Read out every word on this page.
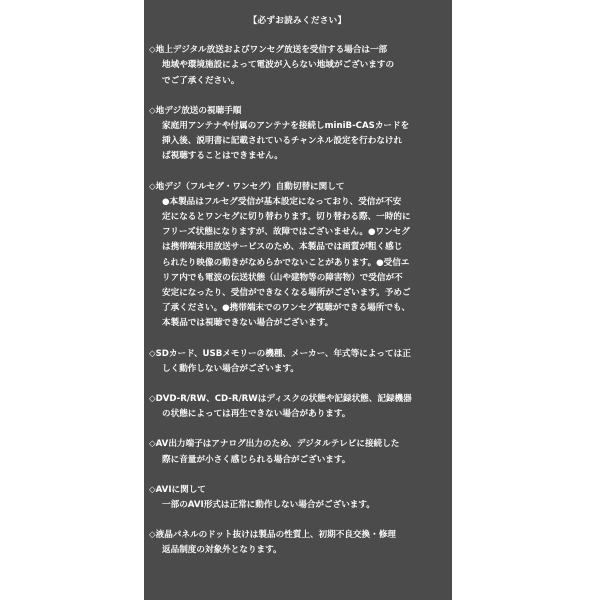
【必ずお読みください】
◇地上デジタル放送およびワンセグ放送を受信する場合は一部
地域や環境施設によって電波が入らない地域がございますの
でご了承ください。
◇地デジ放送の視聴手順
家庭用アンテナや付属のアンテナを接続しminiB-CASカードを
挿入後、説明書に記載されているチャンネル設定を行わなけれ
ば視聴することはできません。
◇地デジ（フルセグ・ワンセグ）自動切替に関して
●本製品はフルセグ受信が基本設定になっており、受信が不安
定になるとワンセグに切り替わります。切り替わる際、一時的に
フリーズ状態になりますが、故障ではございません。●ワンセグ
は携帯端末用放送サービスのため、本製品では画質が粗く感じ
られたり映像の動きがなめらかでないことがあります。●受信エ
リア内でも電波の伝送状態（山や建物等の障害物）で受信が不
安定になったり、受信ができなくなる場所がございます。予めご
了承ください。●携帯端末でのワンセグ視聴ができる場所でも、
本製品では視聴できない場合がございます。
◇SDカード、USBメモリーの機種、メーカー、年式等によっては正
しく動作しない場合がございます。
◇DVD-R/RW、CD-R/RWはディスクの状態や記録状態、記録機器
の状態によっては再生できない場合があります。
◇AV出力端子はアナログ出力のため、デジタルテレビに接続した
際に音量が小さく感じられる場合がございます。
◇AVIに関して
一部のAVI形式は正常に動作しない場合がございます。
◇液晶パネルのドット抜けは製品の性質上、初期不良交換・修理
返品制度の対象外となります。
